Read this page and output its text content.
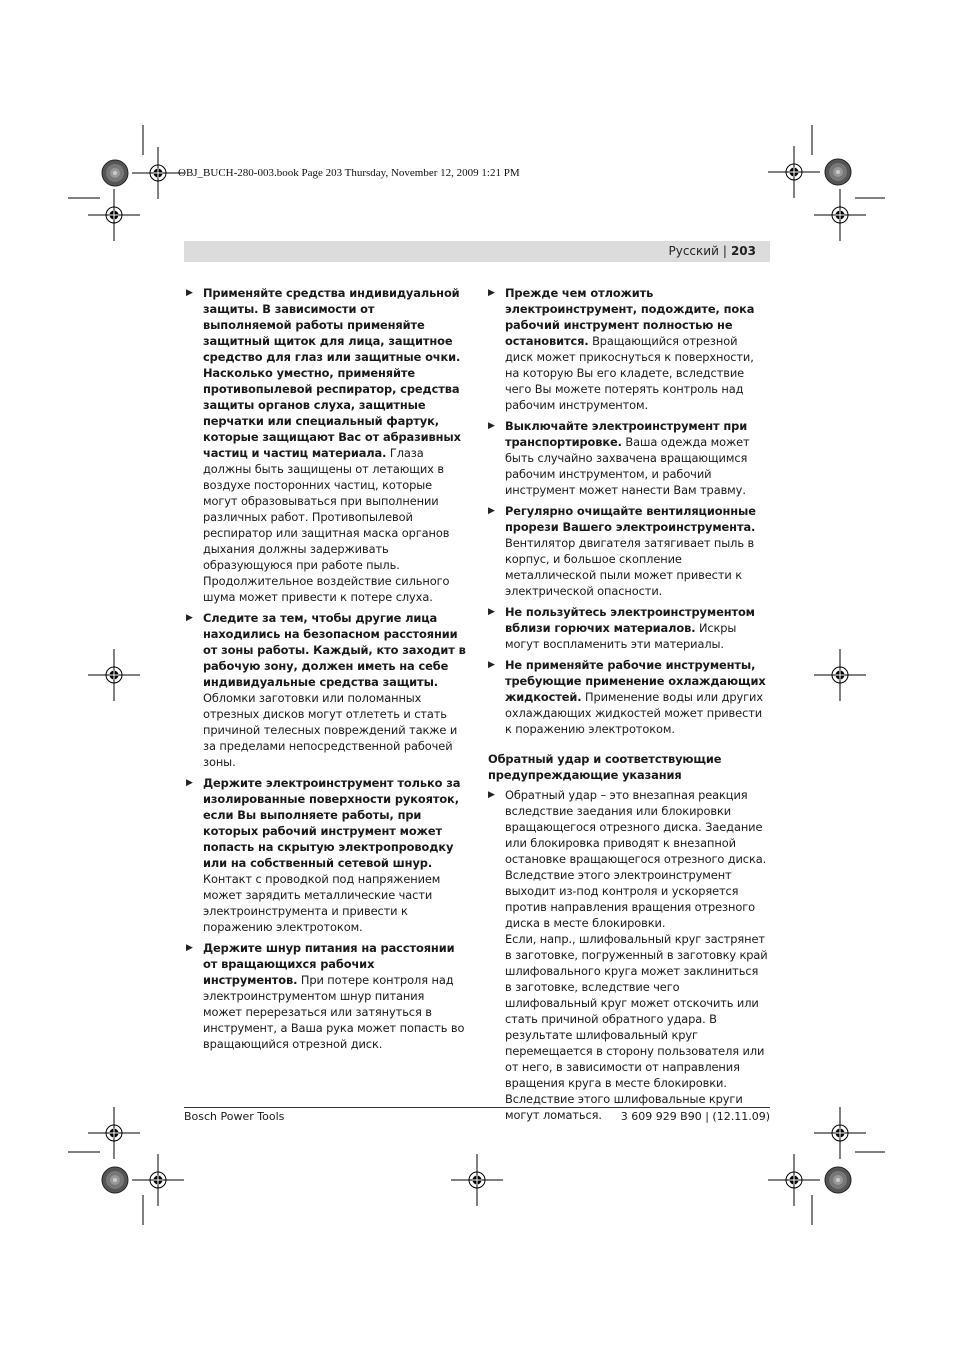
OBJ_BUCH-280-003.book Page 203 Thursday, November 12, 2009 1:21 PM
Русский | 203
▶ Применяйте средства индивидуальной защиты. В зависимости от выполняемой работы применяйте защитный щиток для лица, защитное средство для глаз или защитные очки. Насколько уместно, применяйте противопылевой респиратор, средства защиты органов слуха, защитные перчатки или специальный фартук, которые защищают Вас от абразивных частиц и частиц материала. Глаза должны быть защищены от летающих в воздухе посторонних частиц, которые могут образовываться при выполнении различных работ. Противопылевой респиратор или защитная маска органов дыхания должны задерживать образующуюся при работе пыль. Продолжительное воздействие сильного шума может привести к потере слуха.
▶ Следите за тем, чтобы другие лица находились на безопасном расстоянии от зоны работы. Каждый, кто заходит в рабочую зону, должен иметь на себе индивидуальные средства защиты. Обломки заготовки или поломанных отрезных дисков могут отлететь и стать причиной телесных повреждений также и за пределами непосредственной рабочей зоны.
▶ Держите электроинструмент только за изолированные поверхности рукояток, если Вы выполняете работы, при которых рабочий инструмент может попасть на скрытую электропроводку или на собственный сетевой шнур. Контакт с проводкой под напряжением может зарядить металлические части электроинструмента и привести к поражению электротоком.
▶ Держите шнур питания на расстоянии от вращающихся рабочих инструментов. При потере контроля над электроинструментом шнур питания может перерезаться или затянуться в инструмент, а Ваша рука может попасть во вращающийся отрезной диск.
▶ Прежде чем отложить электроинструмент, подождите, пока рабочий инструмент полностью не остановится. Вращающийся отрезной диск может прикоснуться к поверхности, на которую Вы его кладете, вследствие чего Вы можете потерять контроль над рабочим инструментом.
▶ Выключайте электроинструмент при транспортировке. Ваша одежда может быть случайно захвачена вращающимся рабочим инструментом, и рабочий инструмент может нанести Вам травму.
▶ Регулярно очищайте вентиляционные прорези Вашего электроинструмента. Вентилятор двигателя затягивает пыль в корпус, и большое скопление металлической пыли может привести к электрической опасности.
▶ Не пользуйтесь электроинструментом вблизи горючих материалов. Искры могут воспламенить эти материалы.
▶ Не применяйте рабочие инструменты, требующие применение охлаждающих жидкостей. Применение воды или других охлаждающих жидкостей может привести к поражению электротоком.
Обратный удар и соответствующие предупреждающие указания
▶ Обратный удар – это внезапная реакция вследствие заедания или блокировки вращающегося отрезного диска. Заедание или блокировка приводят к внезапной остановке вращающегося отрезного диска. Вследствие этого электроинструмент выходит из-под контроля и ускоряется против направления вращения отрезного диска в месте блокировки.
Если, напр., шлифовальный круг застрянет в заготовке, погруженный в заготовку край шлифовального круга может заклиниться в заготовке, вследствие чего шлифовальный круг может отскочить или стать причиной обратного удара. В результате шлифовальный круг перемещается в сторону пользователя или от него, в зависимости от направления вращения круга в месте блокировки. Вследствие этого шлифовальные круги могут ломаться.
Bosch Power Tools	3 609 929 B90 | (12.11.09)
